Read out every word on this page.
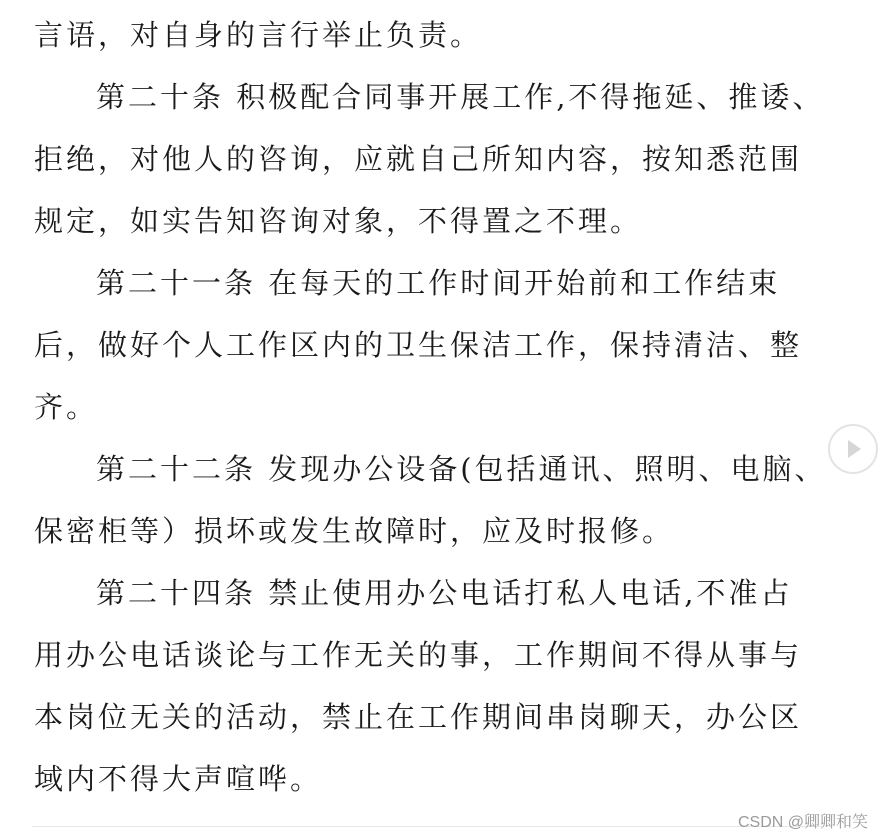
言语，对自身的言行举止负责。
第二十条 积极配合同事开展工作,不得拖延、推诿、
拒绝，对他人的咨询，应就自己所知内容，按知悉范围
规定，如实告知咨询对象，不得置之不理。
第二十一条 在每天的工作时间开始前和工作结束
后，做好个人工作区内的卫生保洁工作，保持清洁、整
齐。
第二十二条 发现办公设备(包括通讯、照明、电脑、
保密柜等）损坏或发生故障时，应及时报修。
第二十四条 禁止使用办公电话打私人电话,不准占
用办公电话谈论与工作无关的事，工作期间不得从事与
本岗位无关的活动，禁止在工作期间串岗聊天，办公区
域内不得大声喧哗。
CSDN @卿卿和笑
